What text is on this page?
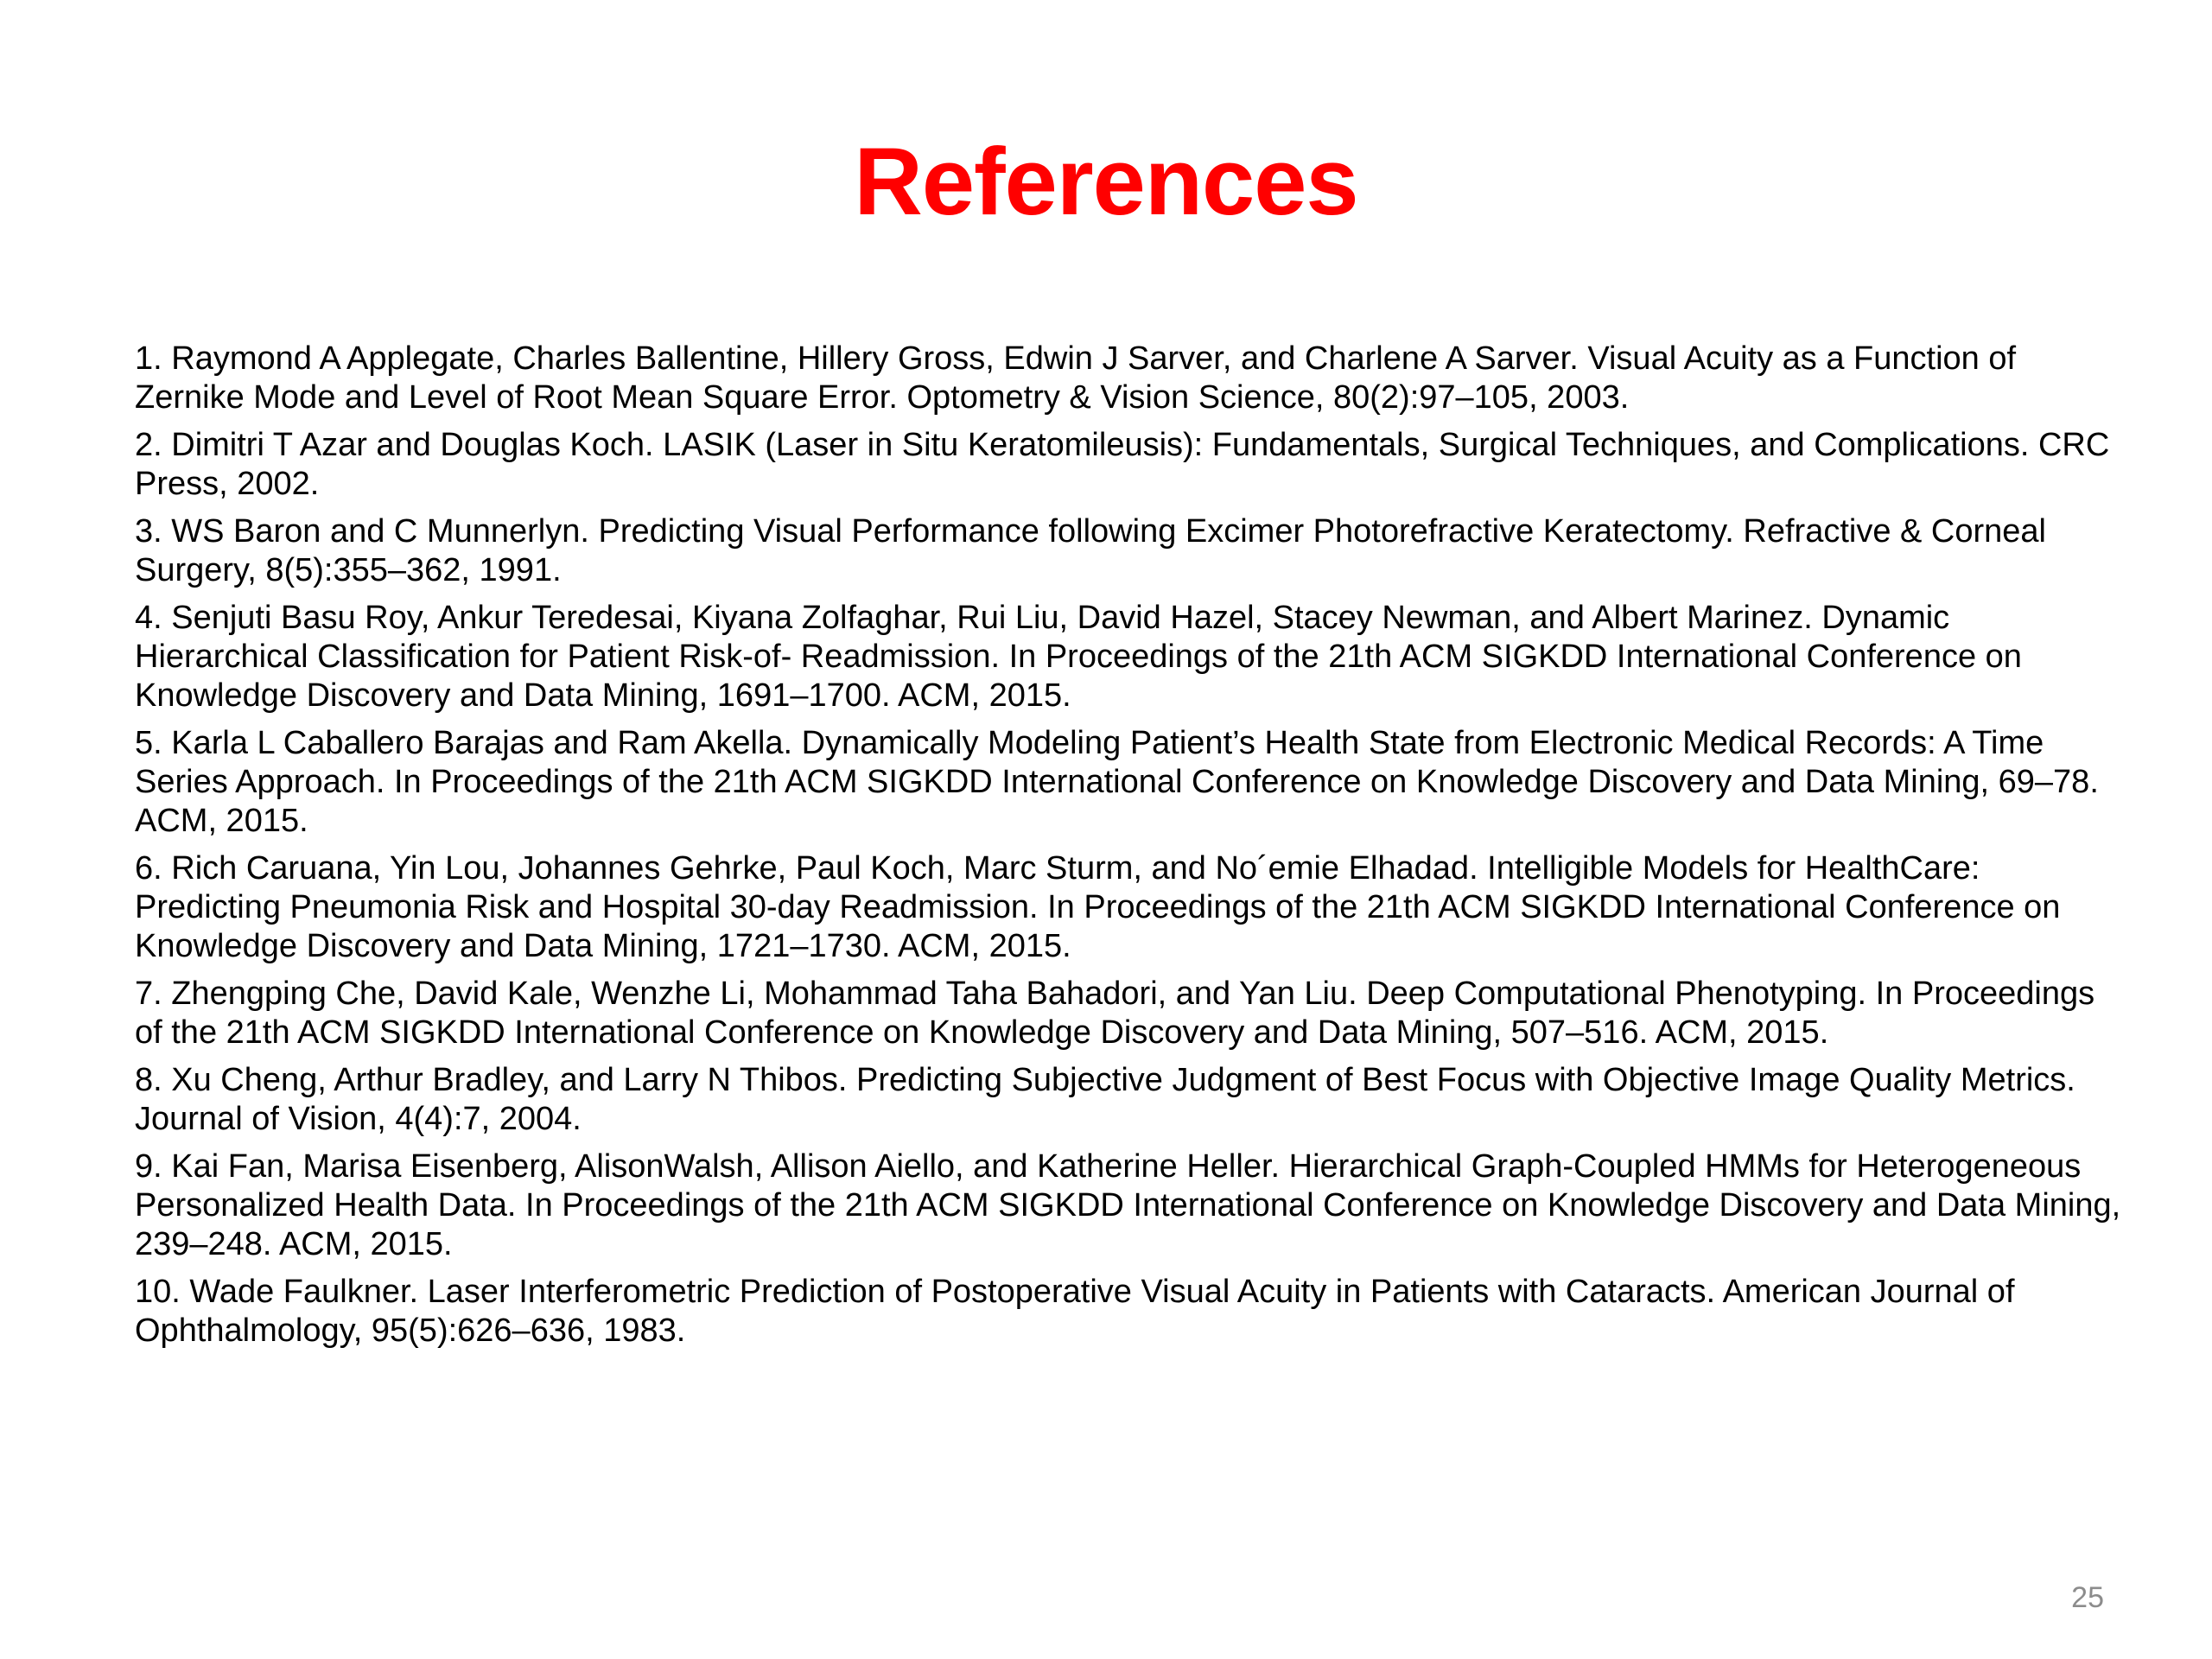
References
1. Raymond A Applegate, Charles Ballentine, Hillery Gross, Edwin J Sarver, and Charlene A Sarver. Visual Acuity as a Function of Zernike Mode and Level of Root Mean Square Error. Optometry & Vision Science, 80(2):97–105, 2003.
2. Dimitri T Azar and Douglas Koch. LASIK (Laser in Situ Keratomileusis): Fundamentals, Surgical Techniques, and Complications. CRC Press, 2002.
3. WS Baron and C Munnerlyn. Predicting Visual Performance following Excimer Photorefractive Keratectomy. Refractive & Corneal Surgery, 8(5):355–362, 1991.
4. Senjuti Basu Roy, Ankur Teredesai, Kiyana Zolfaghar, Rui Liu, David Hazel, Stacey Newman, and Albert Marinez. Dynamic Hierarchical Classification for Patient Risk-of- Readmission. In Proceedings of the 21th ACM SIGKDD International Conference on Knowledge Discovery and Data Mining, 1691–1700. ACM, 2015.
5. Karla L Caballero Barajas and Ram Akella. Dynamically Modeling Patient’s Health State from Electronic Medical Records: A Time Series Approach. In Proceedings of the 21th ACM SIGKDD International Conference on Knowledge Discovery and Data Mining, 69–78. ACM, 2015.
6. Rich Caruana, Yin Lou, Johannes Gehrke, Paul Koch, Marc Sturm, and No´emie Elhadad. Intelligible Models for HealthCare: Predicting Pneumonia Risk and Hospital 30-day Readmission. In Proceedings of the 21th ACM SIGKDD International Conference on Knowledge Discovery and Data Mining, 1721–1730. ACM, 2015.
7. Zhengping Che, David Kale, Wenzhe Li, Mohammad Taha Bahadori, and Yan Liu. Deep Computational Phenotyping. In Proceedings of the 21th ACM SIGKDD International Conference on Knowledge Discovery and Data Mining, 507–516. ACM, 2015.
8. Xu Cheng, Arthur Bradley, and Larry N Thibos. Predicting Subjective Judgment of Best Focus with Objective Image Quality Metrics. Journal of Vision, 4(4):7, 2004.
9. Kai Fan, Marisa Eisenberg, AlisonWalsh, Allison Aiello, and Katherine Heller. Hierarchical Graph-Coupled HMMs for Heterogeneous Personalized Health Data. In Proceedings of the 21th ACM SIGKDD International Conference on Knowledge Discovery and Data Mining, 239–248. ACM, 2015.
10. Wade Faulkner. Laser Interferometric Prediction of Postoperative Visual Acuity in Patients with Cataracts. American Journal of Ophthalmology, 95(5):626–636, 1983.
25
